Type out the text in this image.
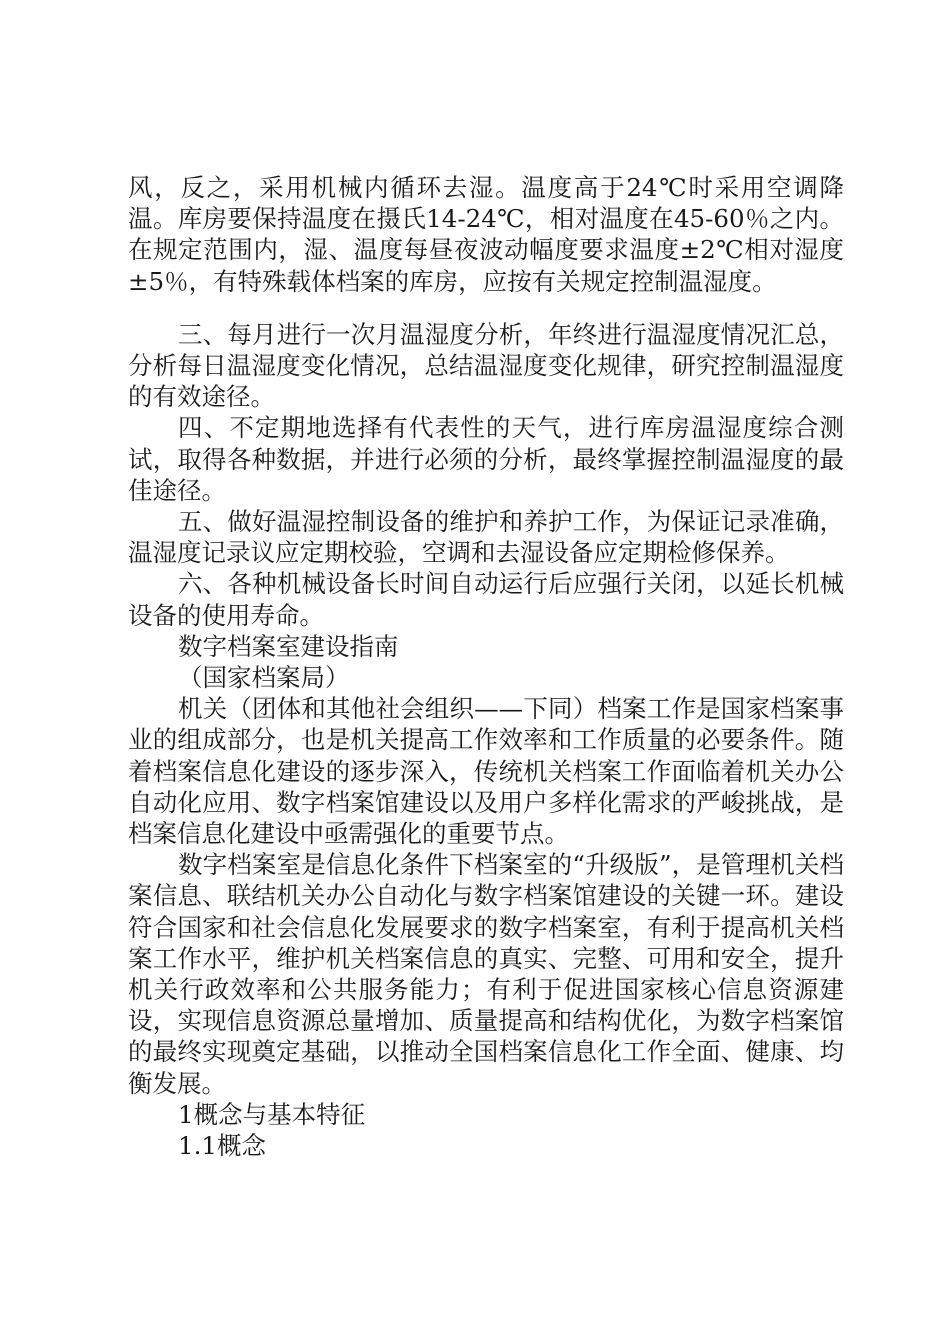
风，反之，采用机械内循环去湿。温度高于24℃时采用空调降温。库房要保持温度在摄氏14-24℃，相对温度在45-60％之内。在规定范围内，湿、温度每昼夜波动幅度要求温度±2℃相对湿度±5％，有特殊载体档案的库房，应按有关规定控制温湿度。

三、每月进行一次月温湿度分析，年终进行温湿度情况汇总，分析每日温湿度变化情况，总结温湿度变化规律，研究控制温湿度的有效途径。

四、不定期地选择有代表性的天气，进行库房温湿度综合测试，取得各种数据，并进行必须的分析，最终掌握控制温湿度的最佳途径。

五、做好温湿控制设备的维护和养护工作，为保证记录准确，温湿度记录议应定期校验，空调和去湿设备应定期检修保养。

六、各种机械设备长时间自动运行后应强行关闭，以延长机械设备的使用寿命。

数字档案室建设指南

（国家档案局）

机关（团体和其他社会组织——下同）档案工作是国家档案事业的组成部分，也是机关提高工作效率和工作质量的必要条件。随着档案信息化建设的逐步深入，传统机关档案工作面临着机关办公自动化应用、数字档案馆建设以及用户多样化需求的严峻挑战，是档案信息化建设中亟需强化的重要节点。

数字档案室是信息化条件下档案室的“升级版”，是管理机关档案信息、联结机关办公自动化与数字档案馆建设的关键一环。建设符合国家和社会信息化发展要求的数字档案室，有利于提高机关档案工作水平，维护机关档案信息的真实、完整、可用和安全，提升机关行政效率和公共服务能力；有利于促进国家核心信息资源建设，实现信息资源总量增加、质量提高和结构优化，为数字档案馆的最终实现奠定基础，以推动全国档案信息化工作全面、健康、均衡发展。

1概念与基本特征

1.1概念
